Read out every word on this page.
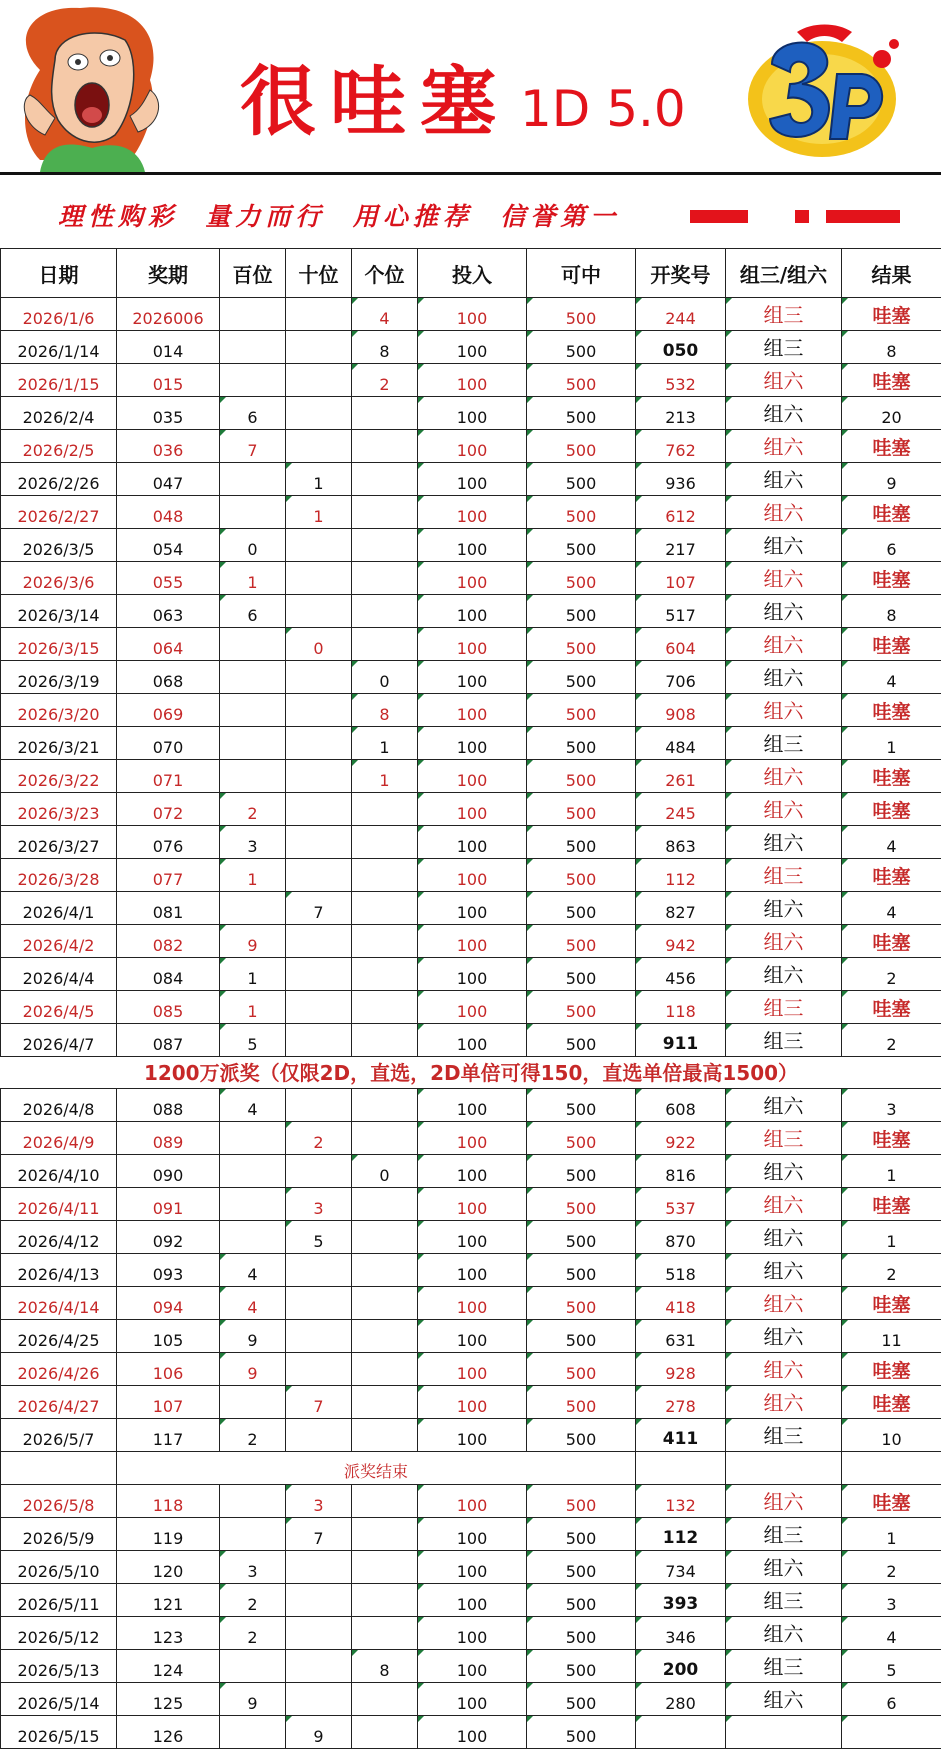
很哇塞 1D 5.0
理性购彩  量力而行  用心推荐  信誉第一
日期	奖期	百位	十位	个位	投入	可中	开奖号	组三/组六	结果
2026/1/6	2026006			4	100	500	244	组三	哇塞
2026/1/14	014			8	100	500	050	组三	8
2026/1/15	015			2	100	500	532	组六	哇塞
2026/2/4	035	6			100	500	213	组六	20
2026/2/5	036	7			100	500	762	组六	哇塞
2026/2/26	047		1		100	500	936	组六	9
2026/2/27	048		1		100	500	612	组六	哇塞
2026/3/5	054	0			100	500	217	组六	6
2026/3/6	055	1			100	500	107	组六	哇塞
2026/3/14	063	6			100	500	517	组六	8
2026/3/15	064		0		100	500	604	组六	哇塞
2026/3/19	068			0	100	500	706	组六	4
2026/3/20	069			8	100	500	908	组六	哇塞
2026/3/21	070			1	100	500	484	组三	1
2026/3/22	071			1	100	500	261	组六	哇塞
2026/3/23	072	2			100	500	245	组六	哇塞
2026/3/27	076	3			100	500	863	组六	4
2026/3/28	077	1			100	500	112	组三	哇塞
2026/4/1	081		7		100	500	827	组六	4
2026/4/2	082	9			100	500	942	组六	哇塞
2026/4/4	084	1			100	500	456	组六	2
2026/4/5	085	1			100	500	118	组三	哇塞
2026/4/7	087	5			100	500	911	组三	2
1200万派奖（仅限2D，直选，2D单倍可得150，直选单倍最高1500）									
2026/4/8	088	4			100	500	608	组六	3
2026/4/9	089		2		100	500	922	组三	哇塞
2026/4/10	090			0	100	500	816	组六	1
2026/4/11	091		3		100	500	537	组六	哇塞
2026/4/12	092		5		100	500	870	组六	1
2026/4/13	093	4			100	500	518	组六	2
2026/4/14	094	4			100	500	418	组六	哇塞
2026/4/25	105	9			100	500	631	组六	11
2026/4/26	106	9			100	500	928	组六	哇塞
2026/4/27	107		7		100	500	278	组六	哇塞
2026/5/7	117	2			100	500	411	组三	10
	派奖结束								
2026/5/8	118		3		100	500	132	组六	哇塞
2026/5/9	119		7		100	500	112	组三	1
2026/5/10	120	3			100	500	734	组六	2
2026/5/11	121	2			100	500	393	组三	3
2026/5/12	123	2			100	500	346	组六	4
2026/5/13	124			8	100	500	200	组三	5
2026/5/14	125	9			100	500	280	组六	6
2026/5/15	126		9		100	500			
